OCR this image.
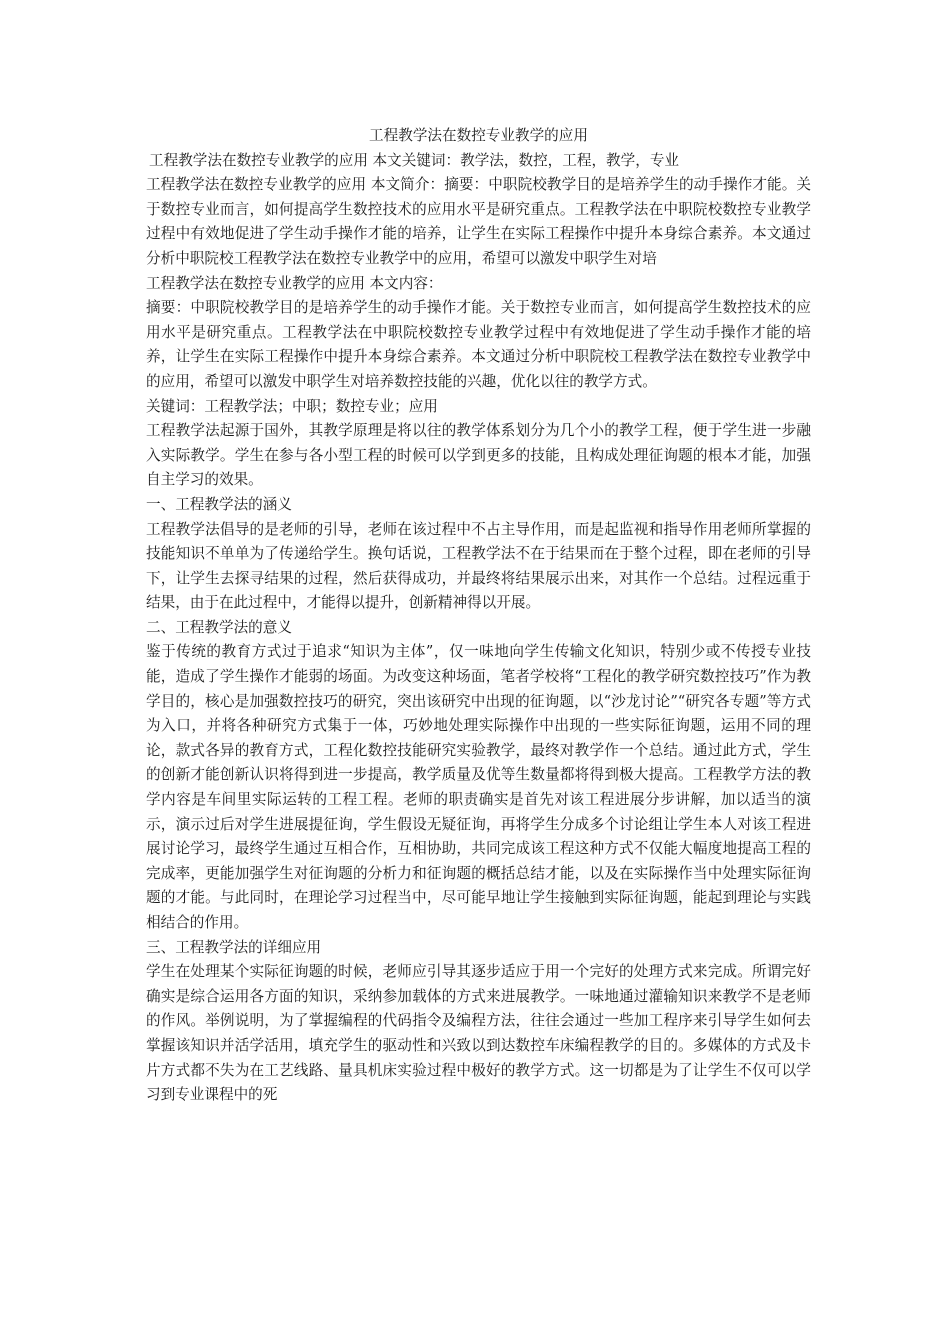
工程教学法在数控专业教学的应用

工程教学法在数控专业教学的应用 本文关键词：教学法，数控，工程，教学，专业

工程教学法在数控专业教学的应用 本文简介：摘要：中职院校教学目的是培养学生的动手操作才能。关于数控专业而言，如何提高学生数控技术的应用水平是研究重点。工程教学法在中职院校数控专业教学过程中有效地促进了学生动手操作才能的培养，让学生在实际工程操作中提升本身综合素养。本文通过分析中职院校工程教学法在数控专业教学中的应用，希望可以激发中职学生对培

工程教学法在数控专业教学的应用 本文内容：

摘要：中职院校教学目的是培养学生的动手操作才能。关于数控专业而言，如何提高学生数控技术的应用水平是研究重点。工程教学法在中职院校数控专业教学过程中有效地促进了学生动手操作才能的培养，让学生在实际工程操作中提升本身综合素养。本文通过分析中职院校工程教学法在数控专业教学中的应用，希望可以激发中职学生对培养数控技能的兴趣，优化以往的教学方式。

关键词：工程教学法；中职；数控专业；应用

工程教学法起源于国外，其教学原理是将以往的教学体系划分为几个小的教学工程，便于学生进一步融入实际教学。学生在参与各小型工程的时候可以学到更多的技能，且构成处理征询题的根本才能，加强自主学习的效果。

一、工程教学法的涵义

工程教学法倡导的是老师的引导，老师在该过程中不占主导作用，而是起监视和指导作用老师所掌握的技能知识不单单为了传递给学生。换句话说，工程教学法不在于结果而在于整个过程，即在老师的引导下，让学生去探寻结果的过程，然后获得成功，并最终将结果展示出来，对其作一个总结。过程远重于结果，由于在此过程中，才能得以提升，创新精神得以开展。

二、工程教学法的意义

鉴于传统的教育方式过于追求“知识为主体”，仅一味地向学生传输文化知识，特别少或不传授专业技能，造成了学生操作才能弱的场面。为改变这种场面，笔者学校将“工程化的教学研究数控技巧”作为教学目的，核心是加强数控技巧的研究，突出该研究中出现的征询题，以“沙龙讨论”“研究各专题”等方式为入口，并将各种研究方式集于一体，巧妙地处理实际操作中出现的一些实际征询题，运用不同的理论，款式各异的教育方式，工程化数控技能研究实验教学，最终对教学作一个总结。通过此方式，学生的创新才能创新认识将得到进一步提高，教学质量及优等生数量都将得到极大提高。工程教学方法的教学内容是车间里实际运转的工程工程。老师的职责确实是首先对该工程进展分步讲解，加以适当的演示，演示过后对学生进展提征询，学生假设无疑征询，再将学生分成多个讨论组让学生本人对该工程进展讨论学习，最终学生通过互相合作，互相协助，共同完成该工程这种方式不仅能大幅度地提高工程的完成率，更能加强学生对征询题的分析力和征询题的概括总结才能，以及在实际操作当中处理实际征询题的才能。与此同时，在理论学习过程当中，尽可能早地让学生接触到实际征询题，能起到理论与实践相结合的作用。

三、工程教学法的详细应用

学生在处理某个实际征询题的时候，老师应引导其逐步适应于用一个完好的处理方式来完成。所谓完好确实是综合运用各方面的知识，采纳参加载体的方式来进展教学。一味地通过灌输知识来教学不是老师的作风。举例说明，为了掌握编程的代码指令及编程方法，往往会通过一些加工程序来引导学生如何去掌握该知识并活学活用，填充学生的驱动性和兴致以到达数控车床编程教学的目的。多媒体的方式及卡片方式都不失为在工艺线路、量具机床实验过程中极好的教学方式。这一切都是为了让学生不仅可以学习到专业课程中的死
